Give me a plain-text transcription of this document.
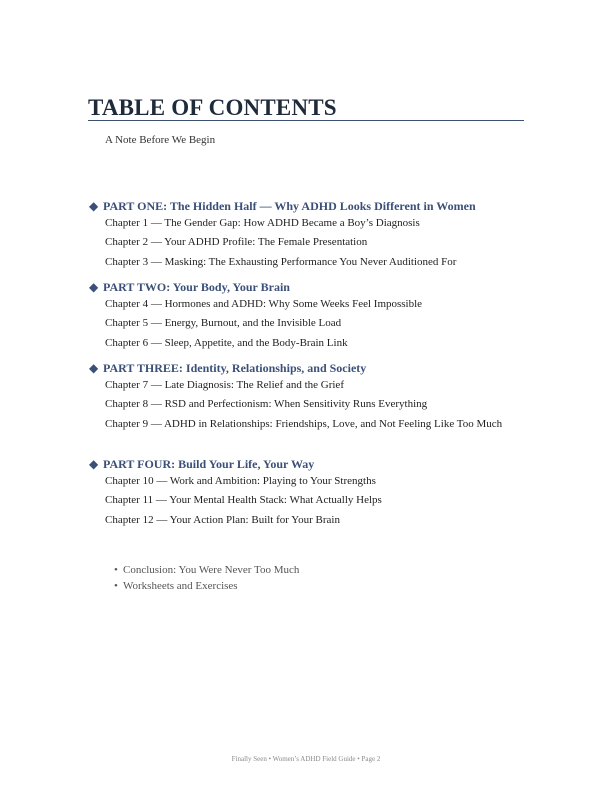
TABLE OF CONTENTS
A Note Before We Begin
◆ PART ONE: The Hidden Half — Why ADHD Looks Different in Women
Chapter 1 — The Gender Gap: How ADHD Became a Boy’s Diagnosis
Chapter 2 — Your ADHD Profile: The Female Presentation
Chapter 3 — Masking: The Exhausting Performance You Never Auditioned For
◆ PART TWO: Your Body, Your Brain
Chapter 4 — Hormones and ADHD: Why Some Weeks Feel Impossible
Chapter 5 — Energy, Burnout, and the Invisible Load
Chapter 6 — Sleep, Appetite, and the Body-Brain Link
◆ PART THREE: Identity, Relationships, and Society
Chapter 7 — Late Diagnosis: The Relief and the Grief
Chapter 8 — RSD and Perfectionism: When Sensitivity Runs Everything
Chapter 9 — ADHD in Relationships: Friendships, Love, and Not Feeling Like Too Much
◆ PART FOUR: Build Your Life, Your Way
Chapter 10 — Work and Ambition: Playing to Your Strengths
Chapter 11 — Your Mental Health Stack: What Actually Helps
Chapter 12 — Your Action Plan: Built for Your Brain
• Conclusion: You Were Never Too Much
• Worksheets and Exercises
Finally Seen • Women’s ADHD Field Guide • Page 2
